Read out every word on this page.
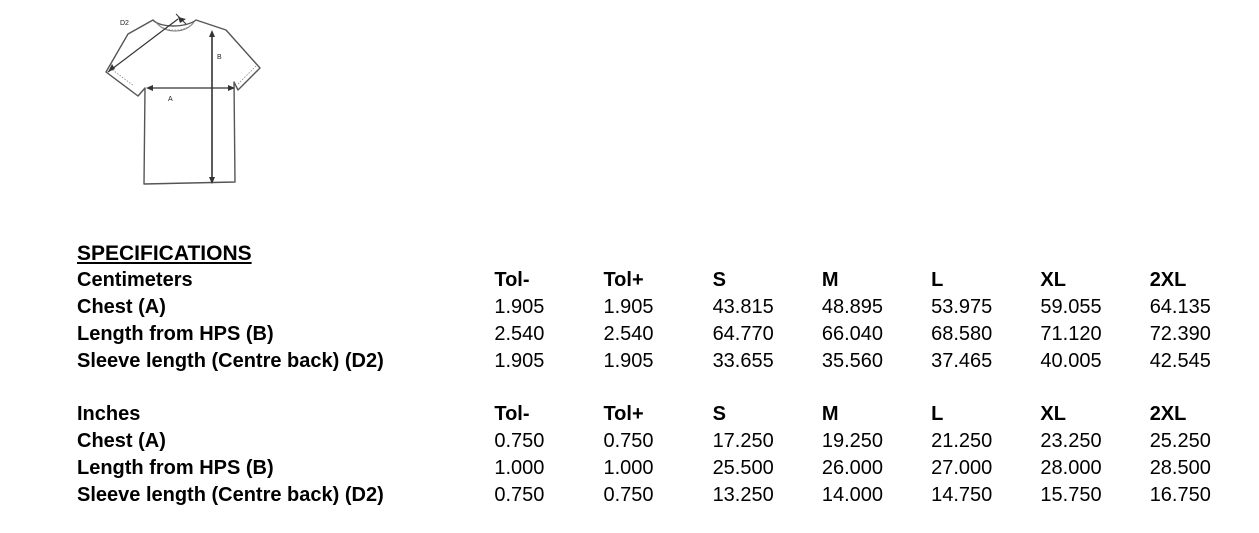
D2
A
B
SPECIFICATIONS
Centimeters	Tol-	Tol+	S	M	L	XL	2XL
Chest (A)	1.905	1.905	43.815	48.895	53.975	59.055	64.135
Length from HPS (B)	2.540	2.540	64.770	66.040	68.580	71.120	72.390
Sleeve length (Centre back) (D2)	1.905	1.905	33.655	35.560	37.465	40.005	42.545
Inches	Tol-	Tol+	S	M	L	XL	2XL
Chest (A)	0.750	0.750	17.250	19.250	21.250	23.250	25.250
Length from HPS (B)	1.000	1.000	25.500	26.000	27.000	28.000	28.500
Sleeve length (Centre back) (D2)	0.750	0.750	13.250	14.000	14.750	15.750	16.750
